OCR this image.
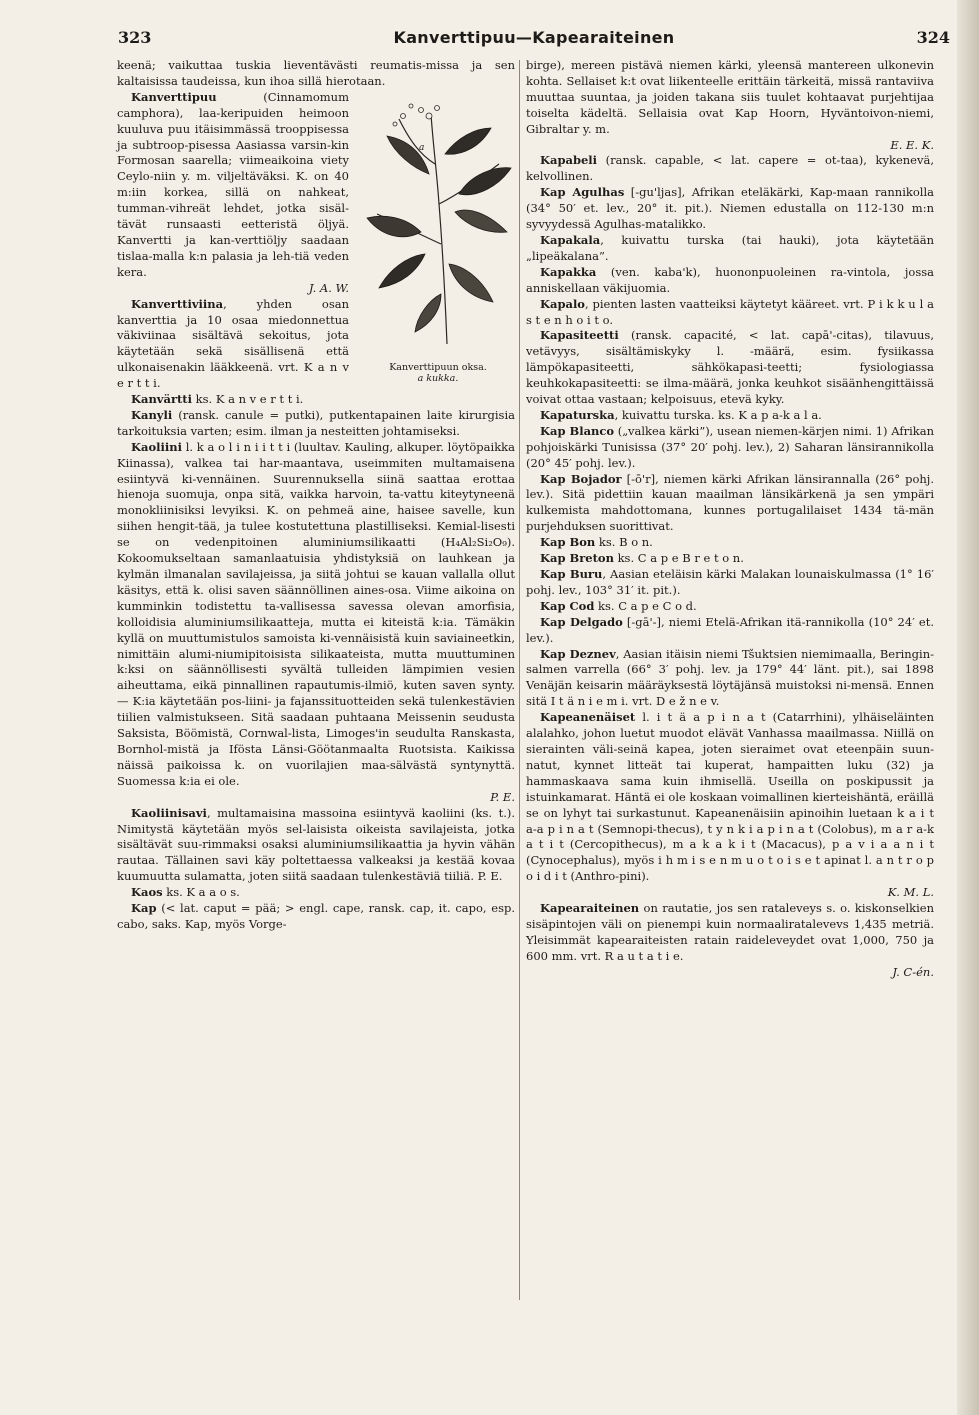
323	Kanverttipuu—Kapearaiteinen	324

keenä; vaikuttaa tuskia lieventävästi reumatis-missa ja sen kaltaisissa taudeissa, kun ihoa sillä hierotaan.

a
Kanverttipuun oksa.
a kukka.

Kanverttipuu (Cinnamomum camphora), laa-keripuiden heimoon kuuluva puu itäisimmässä trooppisessa ja subtroop-pisessa Aasiassa varsin-kin Formosan saarella; viimeaikoina viety Ceylo-niin y. m. viljeltäväksi. K. on 40 m:iin korkea, sillä on nahkeat, tumman-vihreät lehdet, jotka sisäl-tävät runsaasti eetteristä öljyä. Kanvertti ja kan-verttiöljy saadaan tislaa-malla k:n palasia ja leh-tiä veden kera.

J. A. W.

Kanverttiviina, yhden osan kanverttia ja 10 osaa miedonnettua väkiviinaa sisältävä sekoitus, jota käytetään sekä sisällisenä että ulkonaisenakin lääkkeenä. vrt. K a n v e r t t i.

Kanvärtti ks. K a n v e r t t i.

Kanyli (ransk. canule = putki), putkentapainen laite kirurgisia tarkoituksia varten; esim. ilman ja nesteitten johtamiseksi.

Kaoliini l. k a o l i n i i t t i (luultav. Kauling, alkuper. löytöpaikka Kiinassa), valkea tai har-maantava, useimmiten multamaisena esiintyvä ki-vennäinen. Suurennuksella siinä saattaa erottaa hienoja suomuja, onpa sitä, vaikka harvoin, ta-vattu kiteytyneenä monokliinisiksi levyiksi. K. on pehmeä aine, haisee savelle, kun siihen hengit-tää, ja tulee kostutettuna plastilliseksi. Kemial-lisesti se on vedenpitoinen aluminiumsilikaatti (H₄Al₂Si₂O₉). Kokoomukseltaan samanlaatuisia yhdistyksiä on lauhkean ja kylmän ilmanalan savilajeissa, ja siitä johtui se kauan vallalla ollut käsitys, että k. olisi saven säännöllinen aines-osa. Viime aikoina on kumminkin todistettu ta-vallisessa savessa olevan amorfisia, kolloidisia aluminiumsilikaatteja, mutta ei kiteistä k:ia. Tämäkin kyllä on muuttumistulos samoista ki-vennäisistä kuin saviaineetkin, nimittäin alumi-niumipitoisista silikaateista, mutta muuttuminen k:ksi on säännöllisesti syvältä tulleiden lämpimien vesien aiheuttama, eikä pinnallinen rapautumis-ilmiö, kuten saven synty. — K:ia käytetään pos-liini- ja fajanssituotteiden sekä tulenkestävien tiilien valmistukseen. Sitä saadaan puhtaana Meissenin seudusta Saksista, Böömistä, Cornwal-lista, Limoges'in seudulta Ranskasta, Bornhol-mistä ja Ifösta Länsi-Göötanmaalta Ruotsista. Kaikissa näissä paikoissa k. on vuorilajien maa-sälvästä syntynyttä. Suomessa k:ia ei ole.

P. E.

Kaoliinisavi, multamaisina massoina esiintyvä kaoliini (ks. t.). Nimitystä käytetään myös sel-laisista oikeista savilajeista, jotka sisältävät suu-rimmaksi osaksi aluminiumsilikaattia ja hyvin vähän rautaa. Tällainen savi käy poltettaessa valkeaksi ja kestää kovaa kuumuutta sulamatta, joten siitä saadaan tulenkestäviä tiiliä. P. E.

Kaos ks. K a a o s.

Kap (< lat. caput = pää; > engl. cape, ransk. cap, it. capo, esp. cabo, saks. Kap, myös Vorge-

birge), mereen pistävä niemen kärki, yleensä mantereen ulkonevin kohta. Sellaiset k:t ovat liikenteelle erittäin tärkeitä, missä rantaviiva muuttaa suuntaa, ja joiden takana siis tuulet kohtaavat purjehtijaa toiselta kädeltä. Sellaisia ovat Kap Hoorn, Hyväntoivon-niemi, Gibraltar y. m.

E. E. K.

Kapabeli (ransk. capable, < lat. capere = ot-taa), kykenevä, kelvollinen.

Kap Agulhas [-gu'ljas], Afrikan eteläkärki, Kap-maan rannikolla (34° 50′ et. lev., 20° it. pit.). Niemen edustalla on 112-130 m:n syvyydessä Agulhas-matalikko.

Kapakala, kuivattu turska (tai hauki), jota käytetään „lipeäkalana”.

Kapakka (ven. kaba'k), huononpuoleinen ra-vintola, jossa anniskellaan väkijuomia.

Kapalo, pienten lasten vaatteiksi käytetyt kääreet. vrt. P i k k u l a s t e n h o i t o.

Kapasiteetti (ransk. capacité, < lat. capā'-citas), tilavuus, vetävyys, sisältämiskyky l. -määrä, esim. fysiikassa lämpökapasiteetti, sähkökapasi-teetti; fysiologiassa keuhkokapasiteetti: se ilma-määrä, jonka keuhkot sisäänhengittäissä voivat ottaa vastaan; kelpoisuus, etevä kyky.

Kapaturska, kuivattu turska. ks. K a p a-k a l a.

Kap Blanco („valkea kärki”), usean niemen-kärjen nimi. 1) Afrikan pohjoiskärki Tunisissa (37° 20′ pohj. lev.), 2) Saharan länsirannikolla (20° 45′ pohj. lev.).

Kap Bojador [-ō'r], niemen kärki Afrikan länsirannalla (26° pohj. lev.). Sitä pidettiin kauan maailman länsikärkenä ja sen ympäri kulkemista mahdottomana, kunnes portugalilaiset 1434 tä-män purjehduksen suorittivat.

Kap Bon ks. B o n.

Kap Breton ks. C a p e B r e t o n.

Kap Buru, Aasian eteläisin kärki Malakan lounaiskulmassa (1° 16′ pohj. lev., 103° 31′ it. pit.).

Kap Cod ks. C a p e C o d.

Kap Delgado [-gā'-], niemi Etelä-Afrikan itä-rannikolla (10° 24′ et. lev.).

Kap Deznev, Aasian itäisin niemi Tšuktsien niemimaalla, Beringin-salmen varrella (66° 3′ pohj. lev. ja 179° 44′ länt. pit.), sai 1898 Venäjän keisarin määräyksestä löytäjänsä muistoksi ni-mensä. Ennen sitä I t ä n i e m i. vrt. D e ž n e v.

Kapeanenäiset l. i t ä a p i n a t (Catarrhini), ylhäiseläinten alalahko, johon luetut muodot elävät Vanhassa maailmassa. Niillä on sierainten väli-seinä kapea, joten sieraimet ovat eteenpäin suun-natut, kynnet litteät tai kuperat, hampaitten luku (32) ja hammaskaava sama kuin ihmisellä. Useilla on poskipussit ja istuinkamarat. Häntä ei ole koskaan voimallinen kierteishäntä, eräillä se on lyhyt tai surkastunut. Kapeanenäisiin apinoihin luetaan k a i t a-a p i n a t (Semnopi-thecus), t y n k i a p i n a t (Colobus), m a r a-k a t i t (Cercopithecus), m a k a k i t (Macacus), p a v i a a n i t (Cynocephalus), myös i h m i s e n m u o t o i s e t apinat l. a n t r o p o i d i t (Anthro-pini).

K. M. L.

Kapearaiteinen on rautatie, jos sen rataleveys s. o. kiskonselkien sisäpintojen väli on pienempi kuin normaaliratalevevs 1,435 metriä. Yleisimmät kapearaiteisten ratain raideleveydet ovat 1,000, 750 ja 600 mm. vrt. R a u t a t i e.

J. C-én.
